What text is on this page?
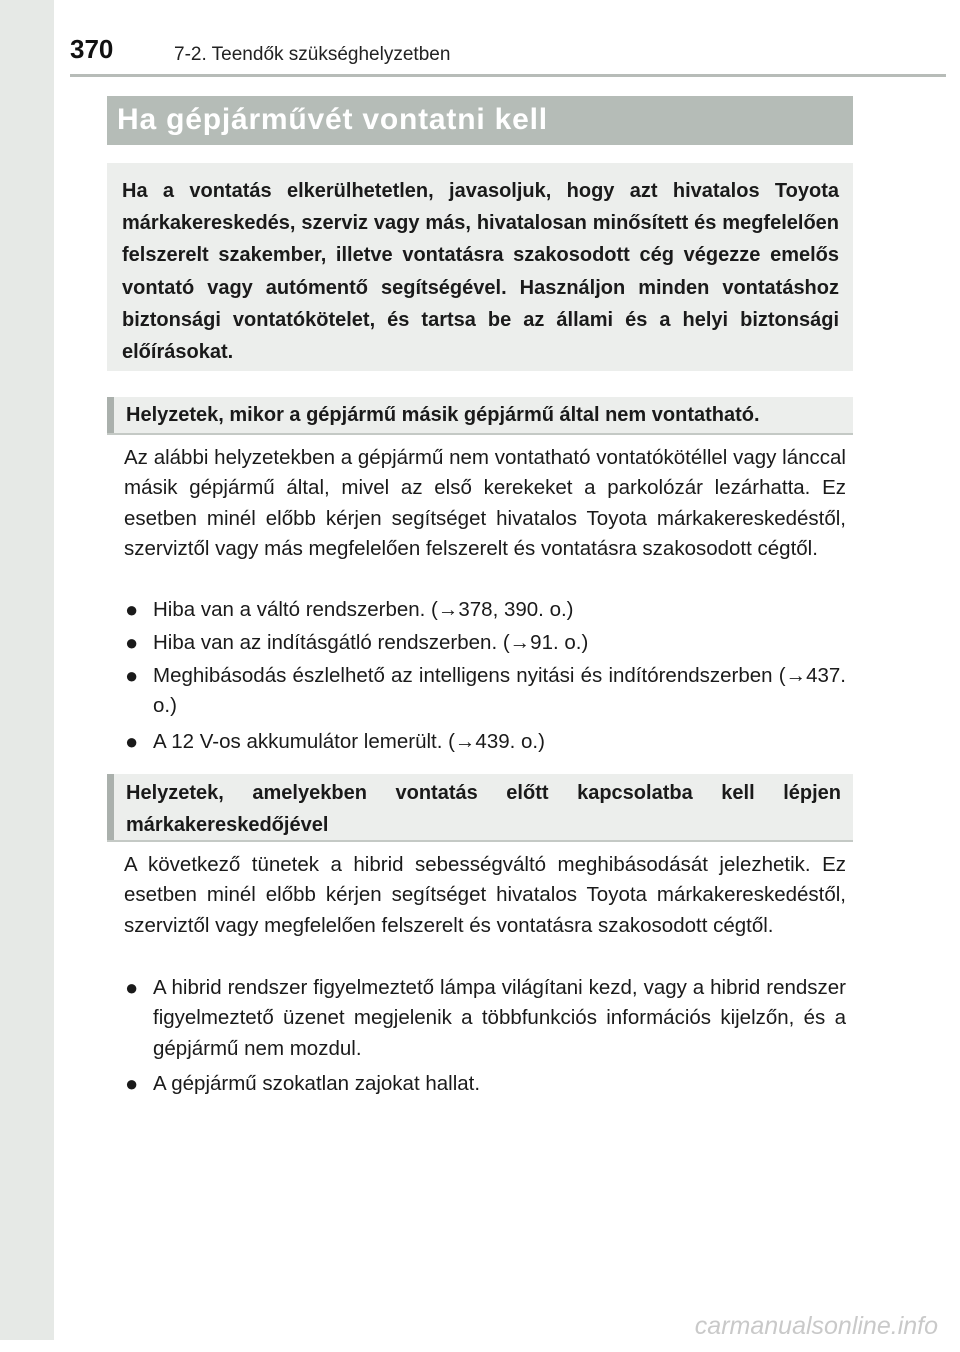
370	7-2. Teendők szükséghelyzetben
Ha gépjárművét vontatni kell

Ha a vontatás elkerülhetetlen, javasoljuk, hogy azt hivatalos Toyota márkakereskedés, szerviz vagy más, hivatalosan minősített és megfelelően felszerelt szakember, illetve vontatásra szakosodott cég végezze emelős vontató vagy autómentő segítségével. Használjon minden vontatáshoz biztonsági vontatókötelet, és tartsa be az állami és a helyi biztonsági előírásokat.

Helyzetek, mikor a gépjármű másik gépjármű által nem vontatható.

Az alábbi helyzetekben a gépjármű nem vontatható vontatókötéllel vagy lánccal másik gépjármű által, mivel az első kerekeket a parkolózár lezárhatta. Ez esetben minél előbb kérjen segítséget hivatalos Toyota márkakereskedéstől, szerviztől vagy más megfelelően felszerelt és vontatásra szakosodott cégtől.

● Hiba van a váltó rendszerben. (→378, 390. o.)
● Hiba van az indításgátló rendszerben. (→91. o.)
● Meghibásodás észlelhető az intelligens nyitási és indítórendszerben (→437. o.)
● A 12 V-os akkumulátor lemerült. (→439. o.)
Helyzetek, amelyekben vontatás előtt kapcsolatba kell lépjen márkakereskedőjével

A következő tünetek a hibrid sebességváltó meghibásodását jelezhetik. Ez esetben minél előbb kérjen segítséget hivatalos Toyota márkakereskedéstől, szerviztől vagy megfelelően felszerelt és vontatásra szakosodott cégtől.

● A hibrid rendszer figyelmeztető lámpa világítani kezd, vagy a hibrid rendszer figyelmeztető üzenet megjelenik a többfunkciós információs kijelzőn, és a gépjármű nem mozdul.
● A gépjármű szokatlan zajokat hallat.
carmanualsonline.info
